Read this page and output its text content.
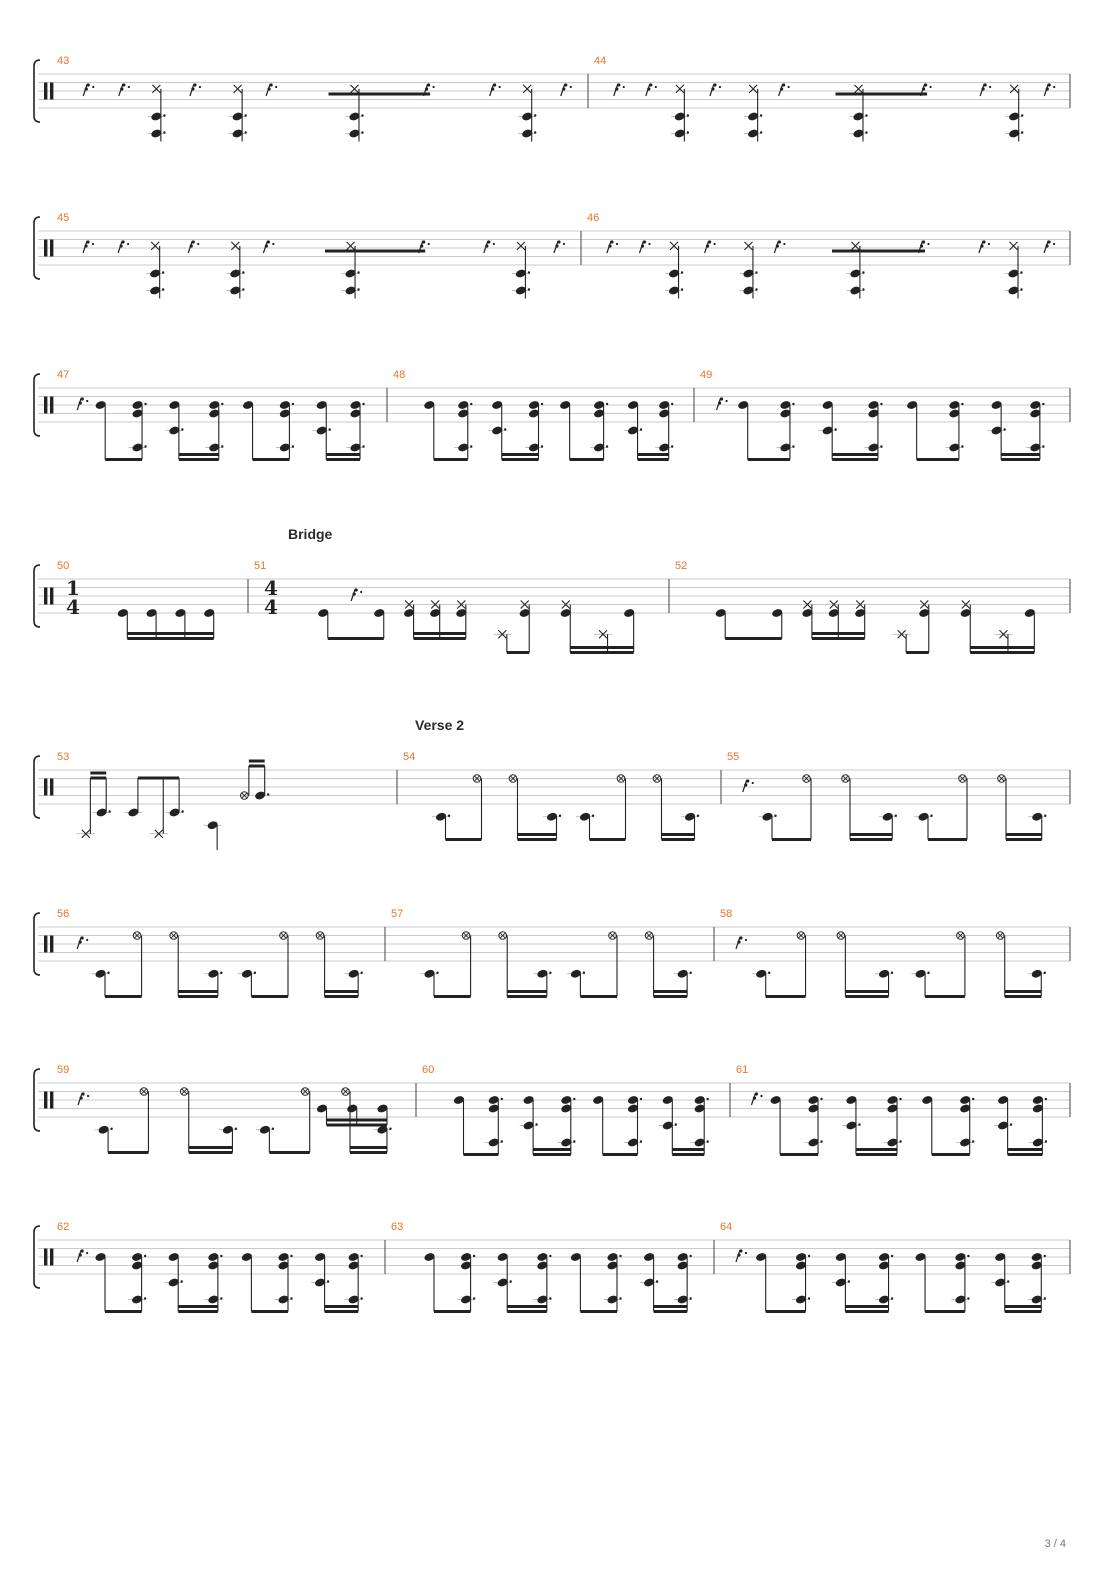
43	44
45	46
47	48	49
Bridge
50
1
4
51
4
4
52
Verse 2
53	54	55
56	57	58
59	60	61
62	63	64
3 / 4
